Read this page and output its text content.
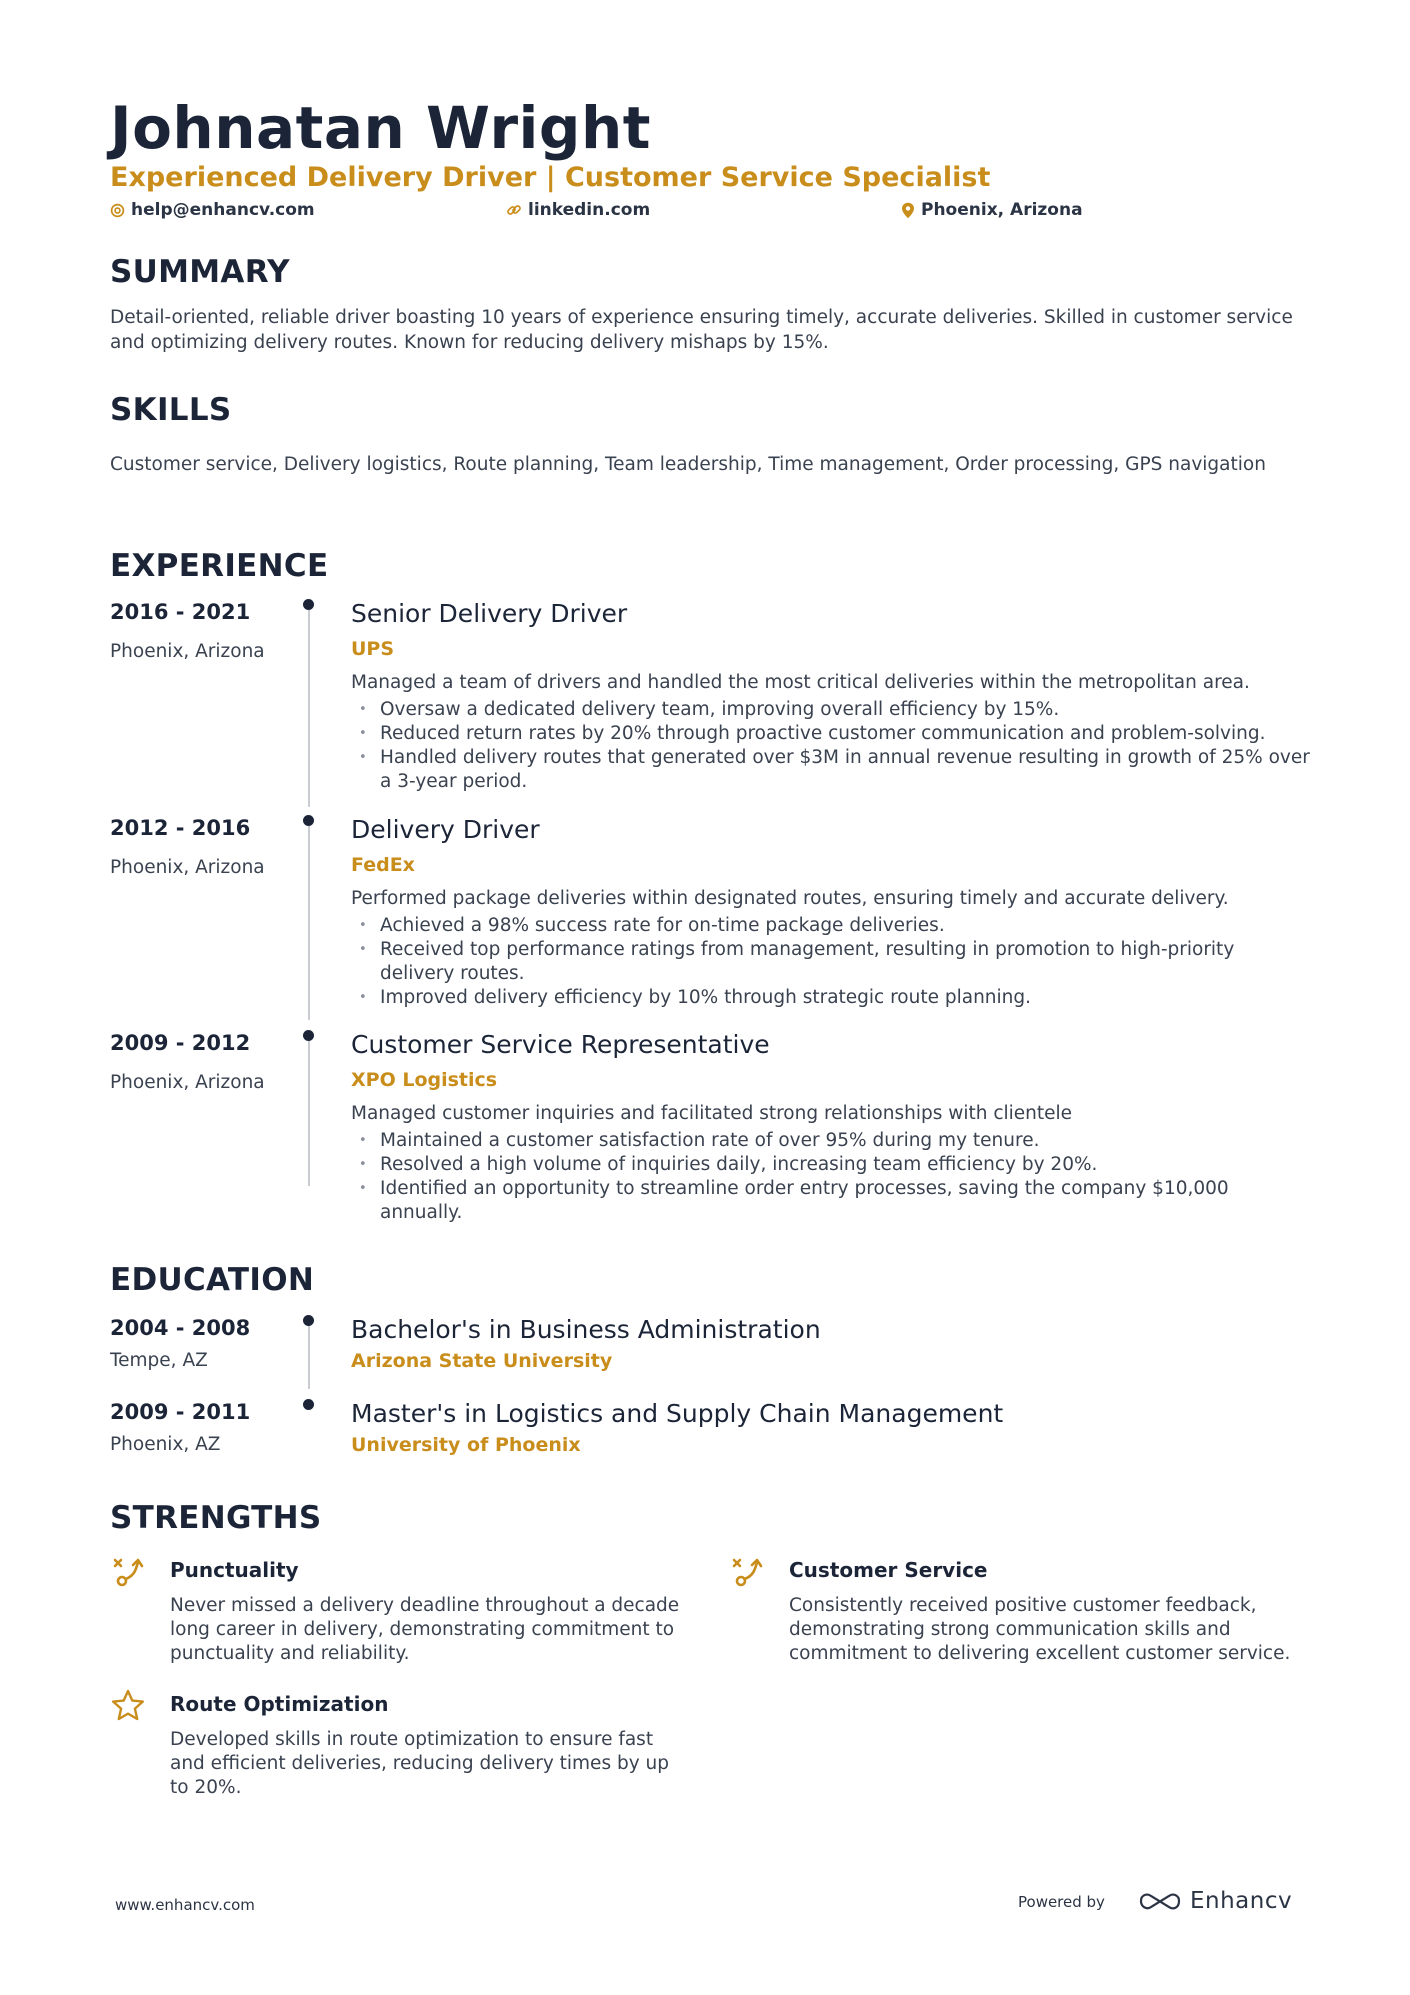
Johnatan Wright
Experienced Delivery Driver | Customer Service Specialist
help@enhancv.com	linkedin.com	Phoenix, Arizona
SUMMARY
Detail-oriented, reliable driver boasting 10 years of experience ensuring timely, accurate deliveries. Skilled in customer service and optimizing delivery routes. Known for reducing delivery mishaps by 15%.
SKILLS
Customer service, Delivery logistics, Route planning, Team leadership, Time management, Order processing, GPS navigation
EXPERIENCE
2016 - 2021
Phoenix, Arizona
Senior Delivery Driver
UPS
Managed a team of drivers and handled the most critical deliveries within the metropolitan area.
• Oversaw a dedicated delivery team, improving overall efficiency by 15%.
• Reduced return rates by 20% through proactive customer communication and problem-solving.
• Handled delivery routes that generated over $3M in annual revenue resulting in growth of 25% over a 3-year period.
2012 - 2016
Phoenix, Arizona
Delivery Driver
FedEx
Performed package deliveries within designated routes, ensuring timely and accurate delivery.
• Achieved a 98% success rate for on-time package deliveries.
• Received top performance ratings from management, resulting in promotion to high-priority delivery routes.
• Improved delivery efficiency by 10% through strategic route planning.
2009 - 2012
Phoenix, Arizona
Customer Service Representative
XPO Logistics
Managed customer inquiries and facilitated strong relationships with clientele
• Maintained a customer satisfaction rate of over 95% during my tenure.
• Resolved a high volume of inquiries daily, increasing team efficiency by 20%.
• Identified an opportunity to streamline order entry processes, saving the company $10,000 annually.
EDUCATION
2004 - 2008
Tempe, AZ
Bachelor's in Business Administration
Arizona State University
2009 - 2011
Phoenix, AZ
Master's in Logistics and Supply Chain Management
University of Phoenix
STRENGTHS
Punctuality
Never missed a delivery deadline throughout a decade long career in delivery, demonstrating commitment to punctuality and reliability.
Customer Service
Consistently received positive customer feedback, demonstrating strong communication skills and commitment to delivering excellent customer service.
Route Optimization
Developed skills in route optimization to ensure fast and efficient deliveries, reducing delivery times by up to 20%.
www.enhancv.com	Powered by	Enhancv
